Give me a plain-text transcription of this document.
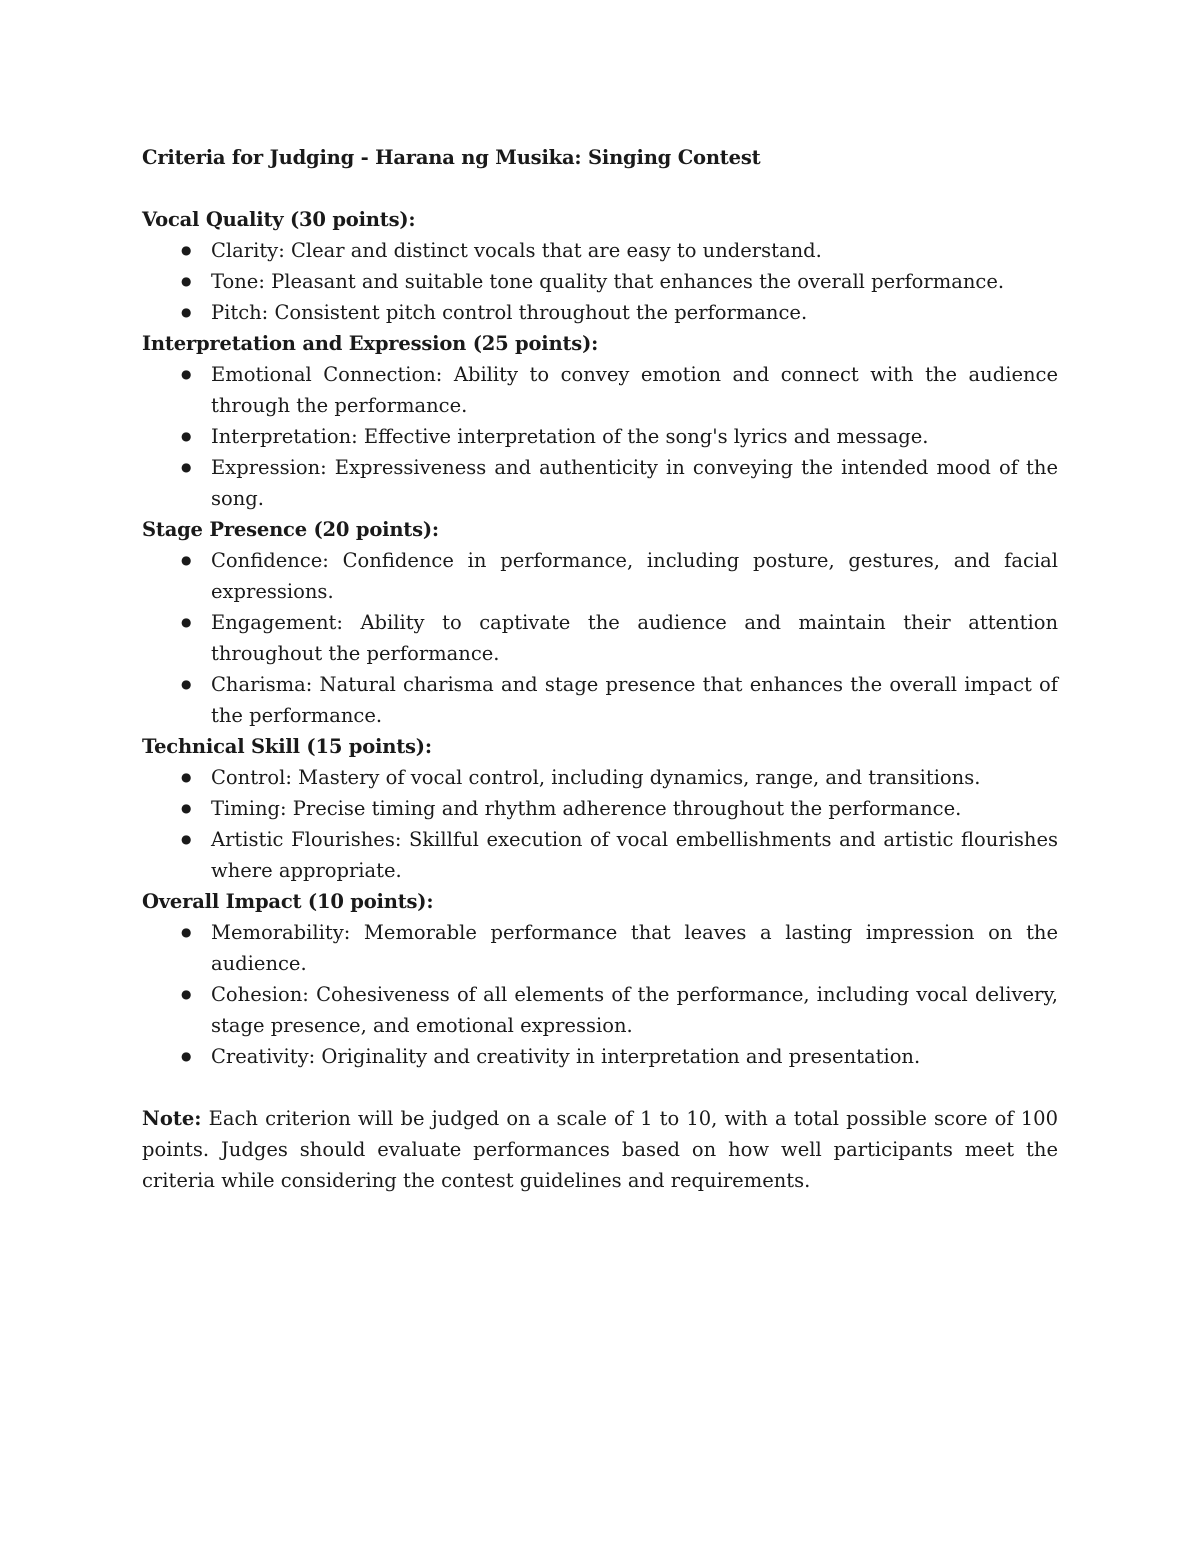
Criteria for Judging - Harana ng Musika: Singing Contest

Vocal Quality (30 points):

● Clarity: Clear and distinct vocals that are easy to understand.
● Tone: Pleasant and suitable tone quality that enhances the overall performance.
● Pitch: Consistent pitch control throughout the performance.

Interpretation and Expression (25 points):

● Emotional Connection: Ability to convey emotion and connect with the audience through the performance.
● Interpretation: Effective interpretation of the song's lyrics and message.
● Expression: Expressiveness and authenticity in conveying the intended mood of the song.

Stage Presence (20 points):

● Confidence: Confidence in performance, including posture, gestures, and facial expressions.
● Engagement: Ability to captivate the audience and maintain their attention throughout the performance.
● Charisma: Natural charisma and stage presence that enhances the overall impact of the performance.

Technical Skill (15 points):

● Control: Mastery of vocal control, including dynamics, range, and transitions.
● Timing: Precise timing and rhythm adherence throughout the performance.
● Artistic Flourishes: Skillful execution of vocal embellishments and artistic flourishes where appropriate.

Overall Impact (10 points):

● Memorability: Memorable performance that leaves a lasting impression on the audience.
● Cohesion: Cohesiveness of all elements of the performance, including vocal delivery, stage presence, and emotional expression.
● Creativity: Originality and creativity in interpretation and presentation.

Note: Each criterion will be judged on a scale of 1 to 10, with a total possible score of 100 points. Judges should evaluate performances based on how well participants meet the criteria while considering the contest guidelines and requirements.
